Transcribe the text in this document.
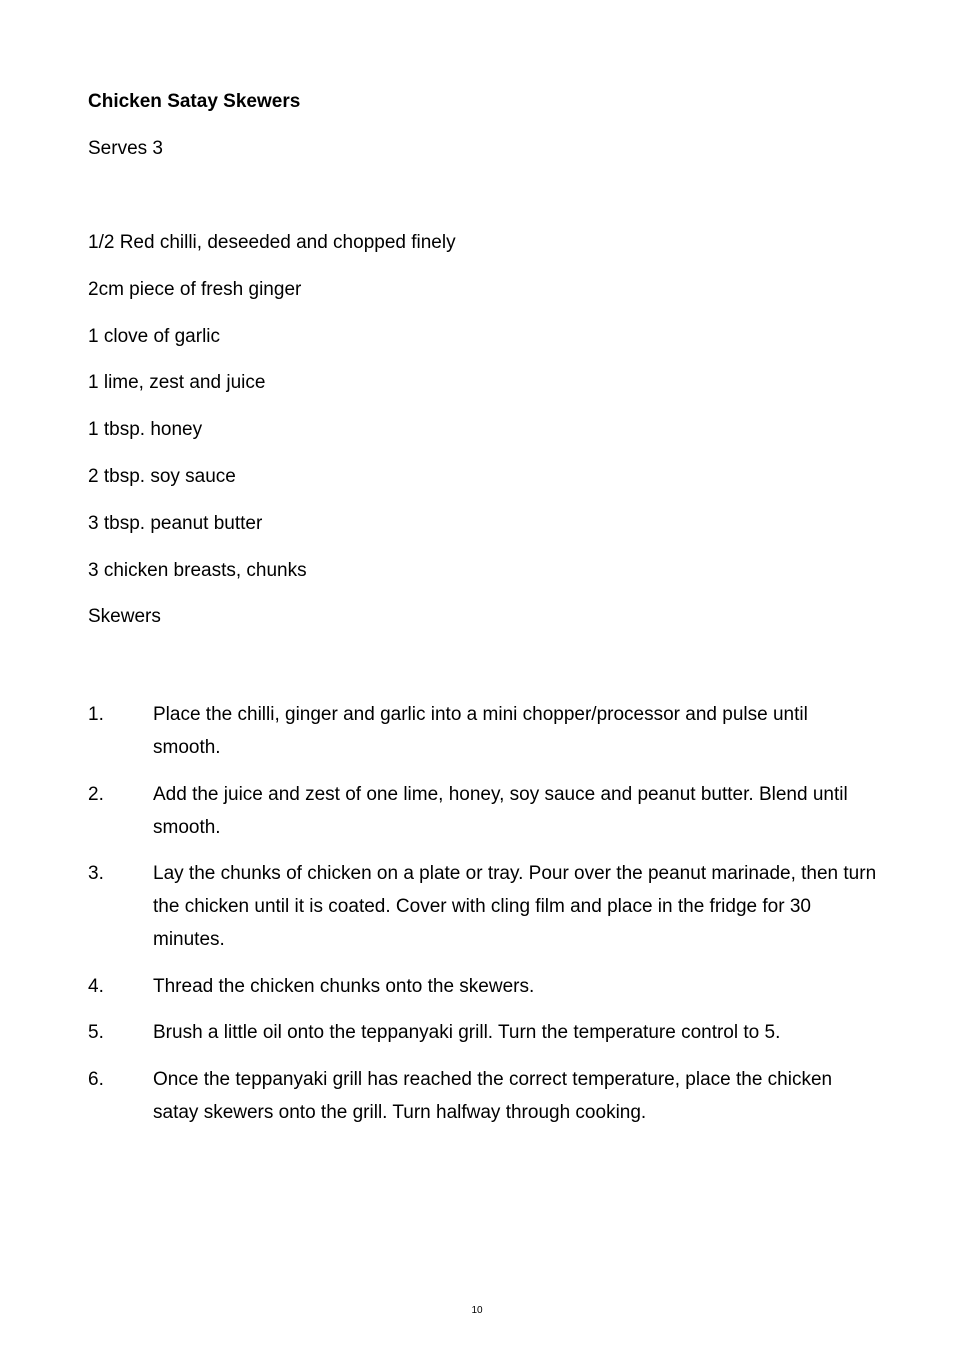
Chicken Satay Skewers

Serves 3

1/2 Red chilli, deseeded and chopped finely
2cm piece of fresh ginger
1 clove of garlic
1 lime, zest and juice
1 tbsp. honey
2 tbsp. soy sauce
3 tbsp. peanut butter
3 chicken breasts, chunks
Skewers
1.	Place the chilli, ginger and garlic into a mini chopper/processor and pulse until smooth.
2.	Add the juice and zest of one lime, honey, soy sauce and peanut butter. Blend until smooth.
3.	Lay the chunks of chicken on a plate or tray. Pour over the peanut marinade, then turn the chicken until it is coated. Cover with cling film and place in the fridge for 30 minutes.
4.	Thread the chicken chunks onto the skewers.
5.	Brush a little oil onto the teppanyaki grill. Turn the temperature control to 5.
6.	Once the teppanyaki grill has reached the correct temperature, place the chicken satay skewers onto the grill. Turn halfway through cooking.
10
